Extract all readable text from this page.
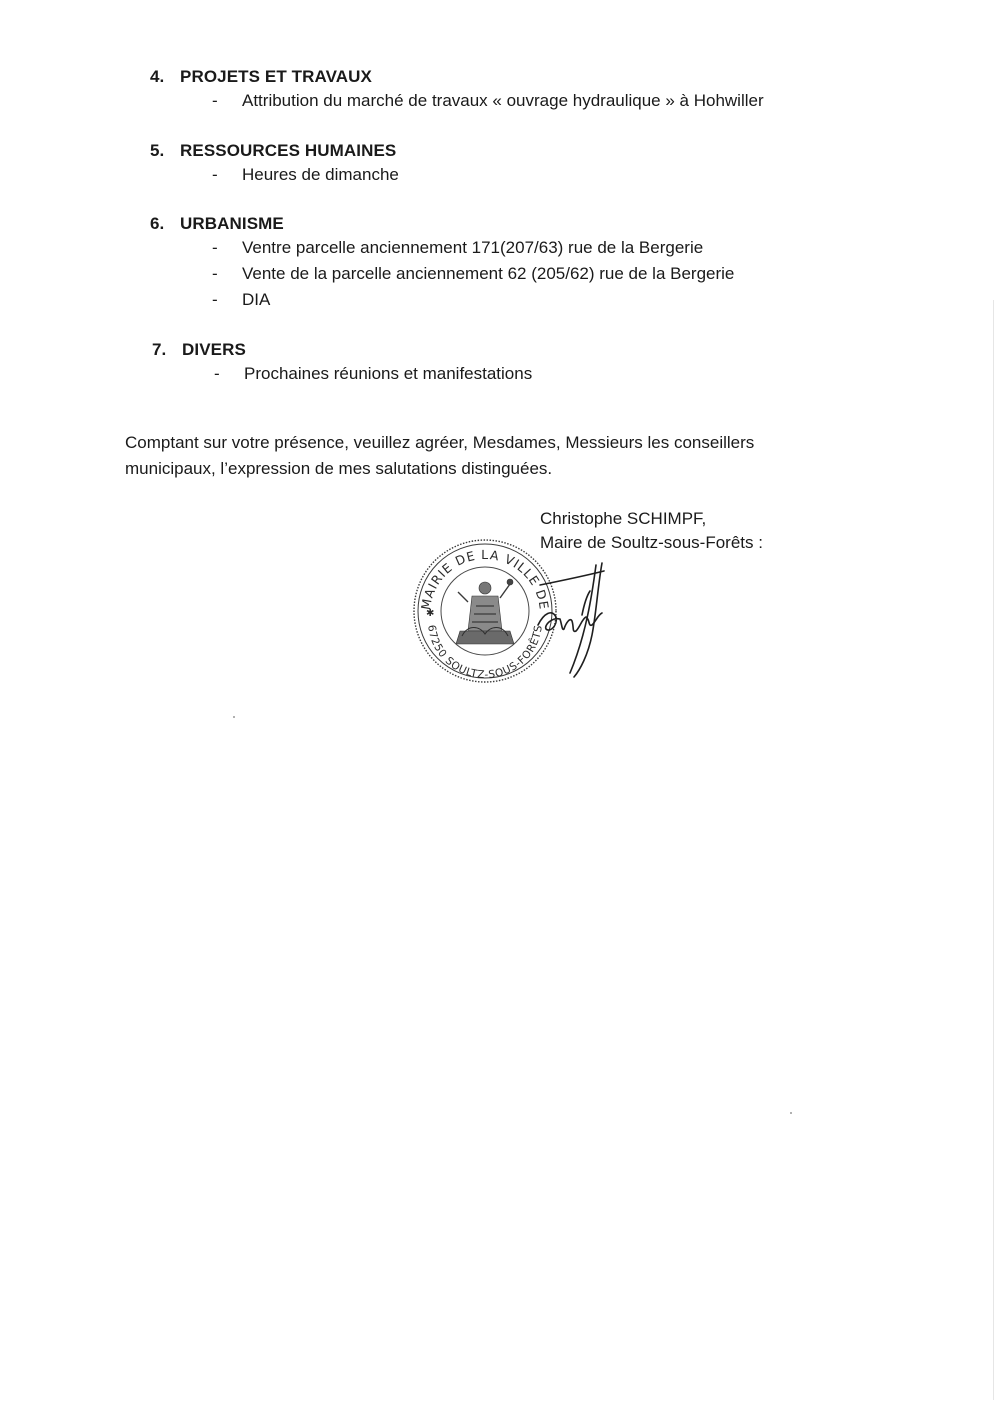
4. PROJETS ET TRAVAUX
- Attribution du marché de travaux « ouvrage hydraulique » à Hohwiller
5. RESSOURCES HUMAINES
- Heures de dimanche
6. URBANISME
- Ventre parcelle anciennement 171(207/63) rue de la Bergerie
- Vente de la parcelle anciennement 62 (205/62) rue de la Bergerie
- DIA
7. DIVERS
- Prochaines réunions et manifestations
Comptant sur votre présence, veuillez agréer, Mesdames, Messieurs les conseillers
municipaux, l’expression de mes salutations distinguées.
Christophe SCHIMPF,
Maire de Soultz-sous-Forêts :
MAIRIE DE LA VILLE DE
67250 SOULTZ-SOUS-FORÊTS
✱
